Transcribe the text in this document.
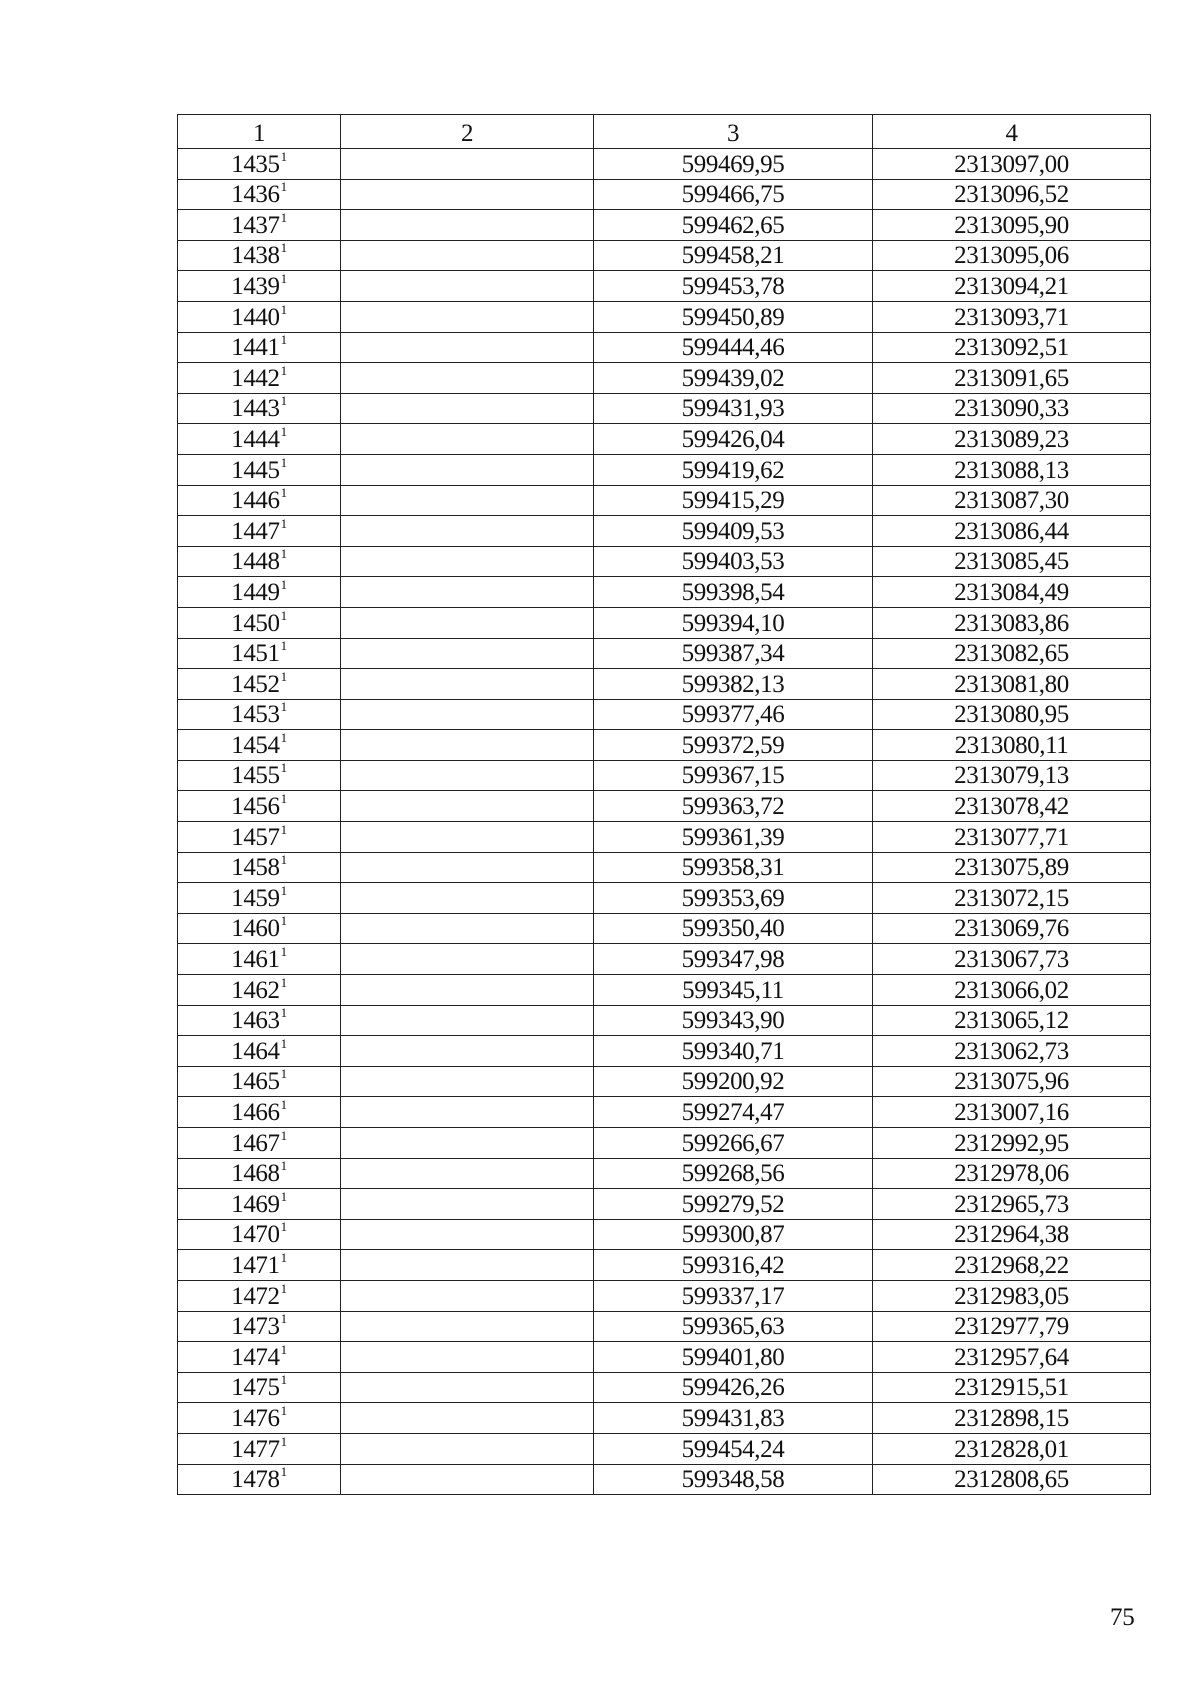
1	2	3	4
1435$^1$		599469,95	2313097,00
1436$^1$		599466,75	2313096,52
1437$^1$		599462,65	2313095,90
1438$^1$		599458,21	2313095,06
1439$^1$		599453,78	2313094,21
1440$^1$		599450,89	2313093,71
1441$^1$		599444,46	2313092,51
1442$^1$		599439,02	2313091,65
1443$^1$		599431,93	2313090,33
1444$^1$		599426,04	2313089,23
1445$^1$		599419,62	2313088,13
1446$^1$		599415,29	2313087,30
1447$^1$		599409,53	2313086,44
1448$^1$		599403,53	2313085,45
1449$^1$		599398,54	2313084,49
1450$^1$		599394,10	2313083,86
1451$^1$		599387,34	2313082,65
1452$^1$		599382,13	2313081,80
1453$^1$		599377,46	2313080,95
1454$^1$		599372,59	2313080,11
1455$^1$		599367,15	2313079,13
1456$^1$		599363,72	2313078,42
1457$^1$		599361,39	2313077,71
1458$^1$		599358,31	2313075,89
1459$^1$		599353,69	2313072,15
1460$^1$		599350,40	2313069,76
1461$^1$		599347,98	2313067,73
1462$^1$		599345,11	2313066,02
1463$^1$		599343,90	2313065,12
1464$^1$		599340,71	2313062,73
1465$^1$		599200,92	2313075,96
1466$^1$		599274,47	2313007,16
1467$^1$		599266,67	2312992,95
1468$^1$		599268,56	2312978,06
1469$^1$		599279,52	2312965,73
1470$^1$		599300,87	2312964,38
1471$^1$		599316,42	2312968,22
1472$^1$		599337,17	2312983,05
1473$^1$		599365,63	2312977,79
1474$^1$		599401,80	2312957,64
1475$^1$		599426,26	2312915,51
1476$^1$		599431,83	2312898,15
1477$^1$		599454,24	2312828,01
1478$^1$		599348,58	2312808,65
75
